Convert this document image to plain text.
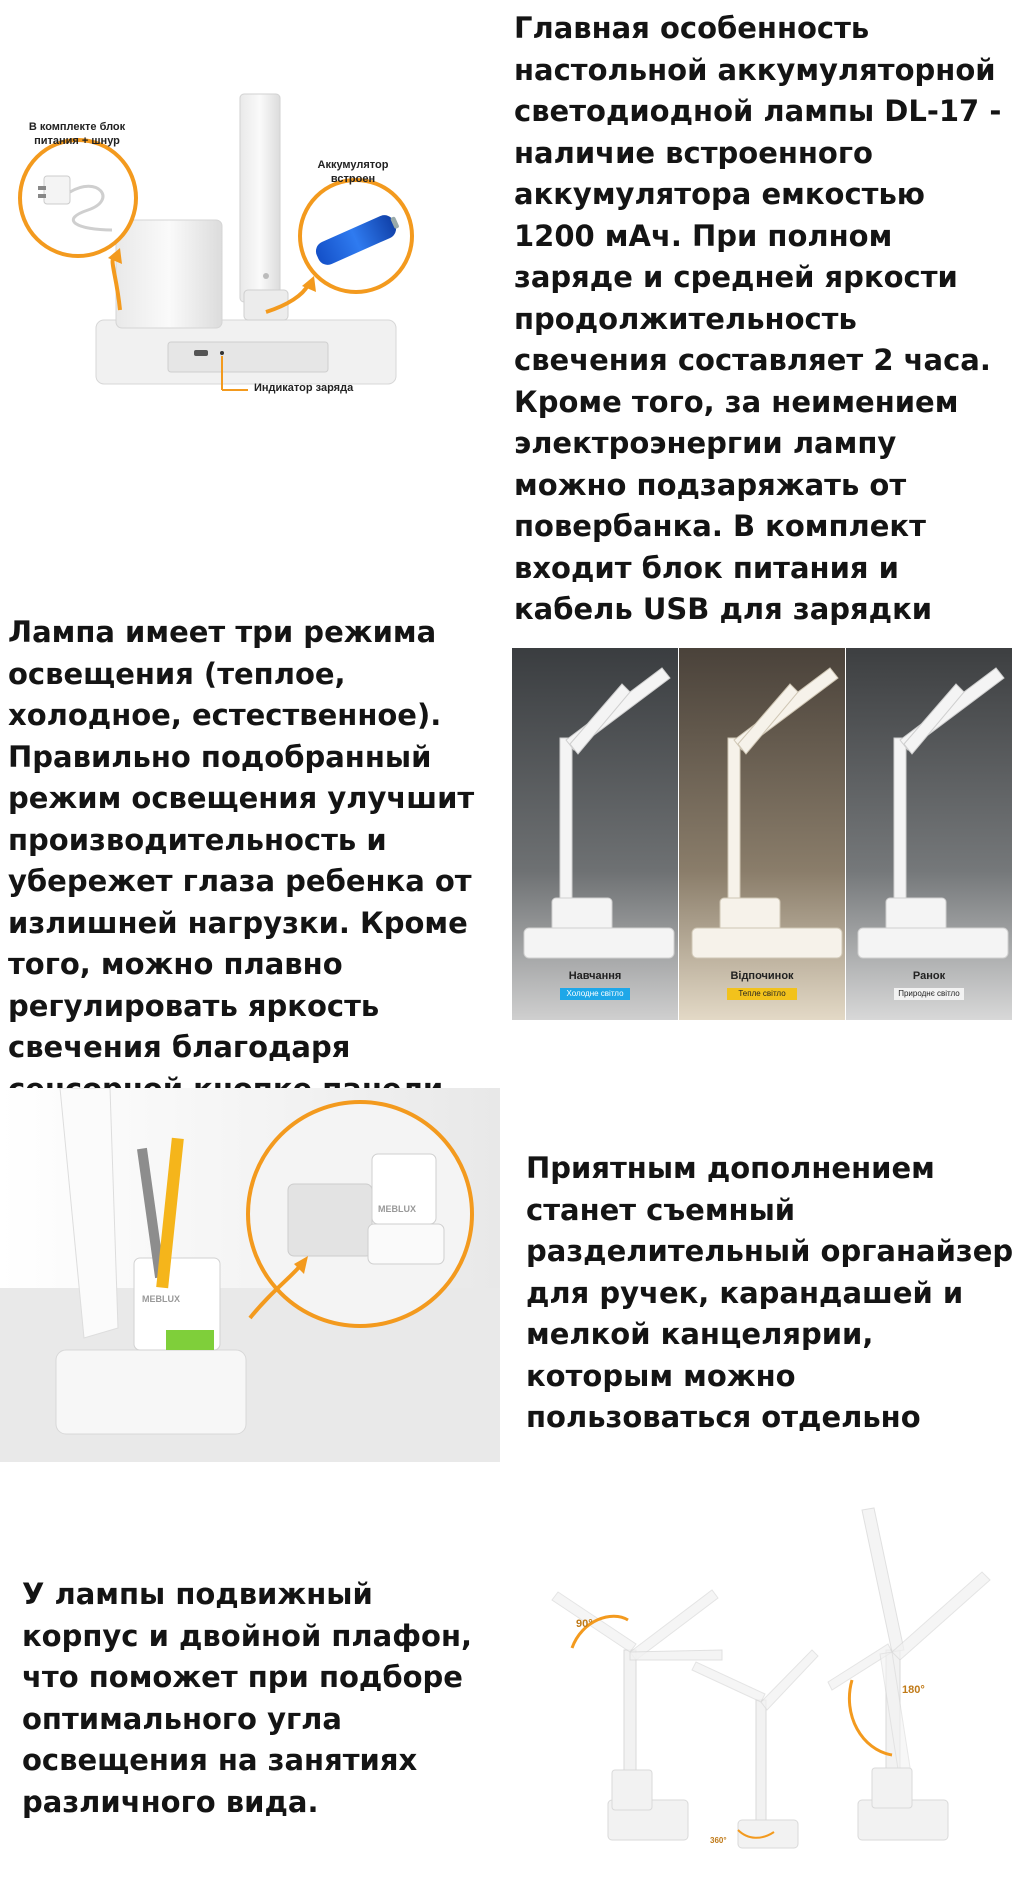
В комплекте блок
питания + шнур
Аккумулятор
встроен
Индикатор заряда

Главная особенность настольной аккумуляторной светодиодной лампы DL-17 - наличие встроенного аккумулятора емкостью 1200 мАч. При полном заряде и средней яркости продолжительность свечения составляет 2 часа. Кроме того, за неимением электроэнергии лампу можно подзаряжать от повербанка. В комплект входит блок питания и кабель USB для зарядки

Лампа имеет три режима освещения (теплое, холодное, естественное). Правильно подобранный режим освещения улучшит производительность и убережет глаза ребенка от излишней нагрузки. Кроме того, можно плавно регулировать яркость свечения благодаря

Навчання
Холодне світло
Відпочинок
Тепле світло
Ранок
Природнє світло
MEBLUX
MEBLUX

Приятным дополнением станет съемный разделительный органайзер для ручек, карандашей и мелкой канцелярии, которым можно пользоваться отдельно

У лампы подвижный корпус и двойной плафон, что поможет при подборе оптимального угла освещения на занятиях различного вида.

90°
180°
360°
